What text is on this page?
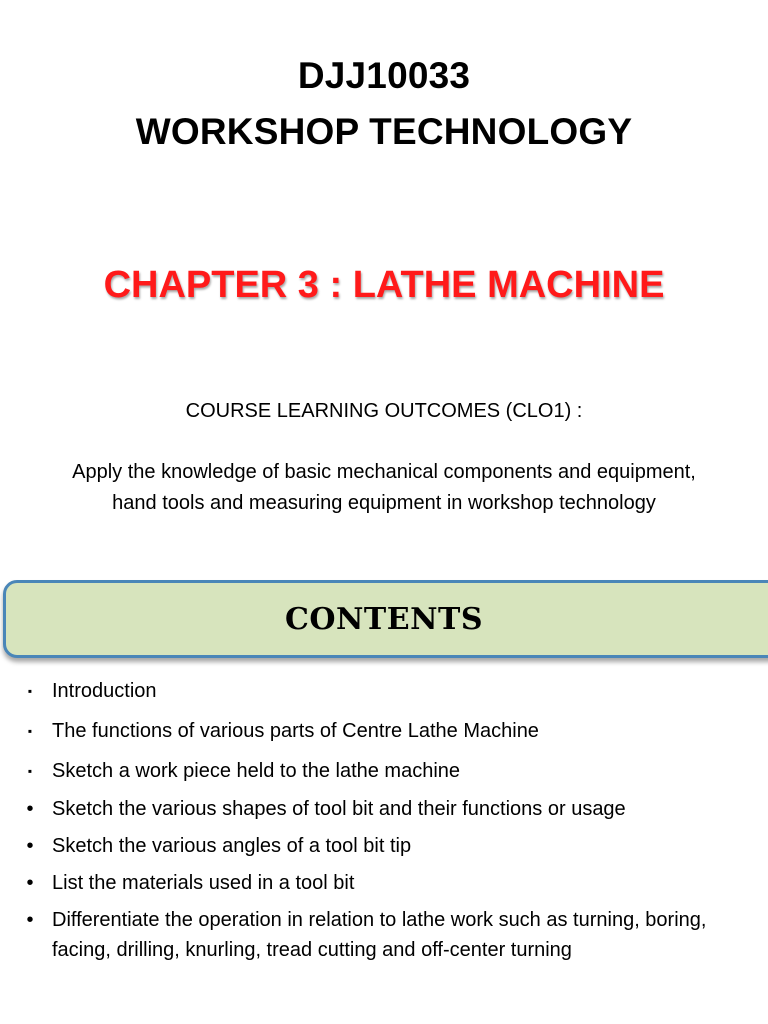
DJJ10033
WORKSHOP TECHNOLOGY
CHAPTER 3 : LATHE MACHINE
COURSE LEARNING OUTCOMES (CLO1) :
Apply the knowledge of basic mechanical components and equipment, hand tools and measuring equipment in workshop technology
CONTENTS
▪ Introduction
▪ The functions of various parts of Centre Lathe Machine
▪ Sketch a work piece held to the lathe machine
• Sketch the various shapes of tool bit and their functions or usage
• Sketch the various angles of a tool bit tip
• List the materials used in a tool bit
• Differentiate the operation in relation to lathe work such as turning, boring, facing, drilling, knurling, tread cutting and off-center turning
